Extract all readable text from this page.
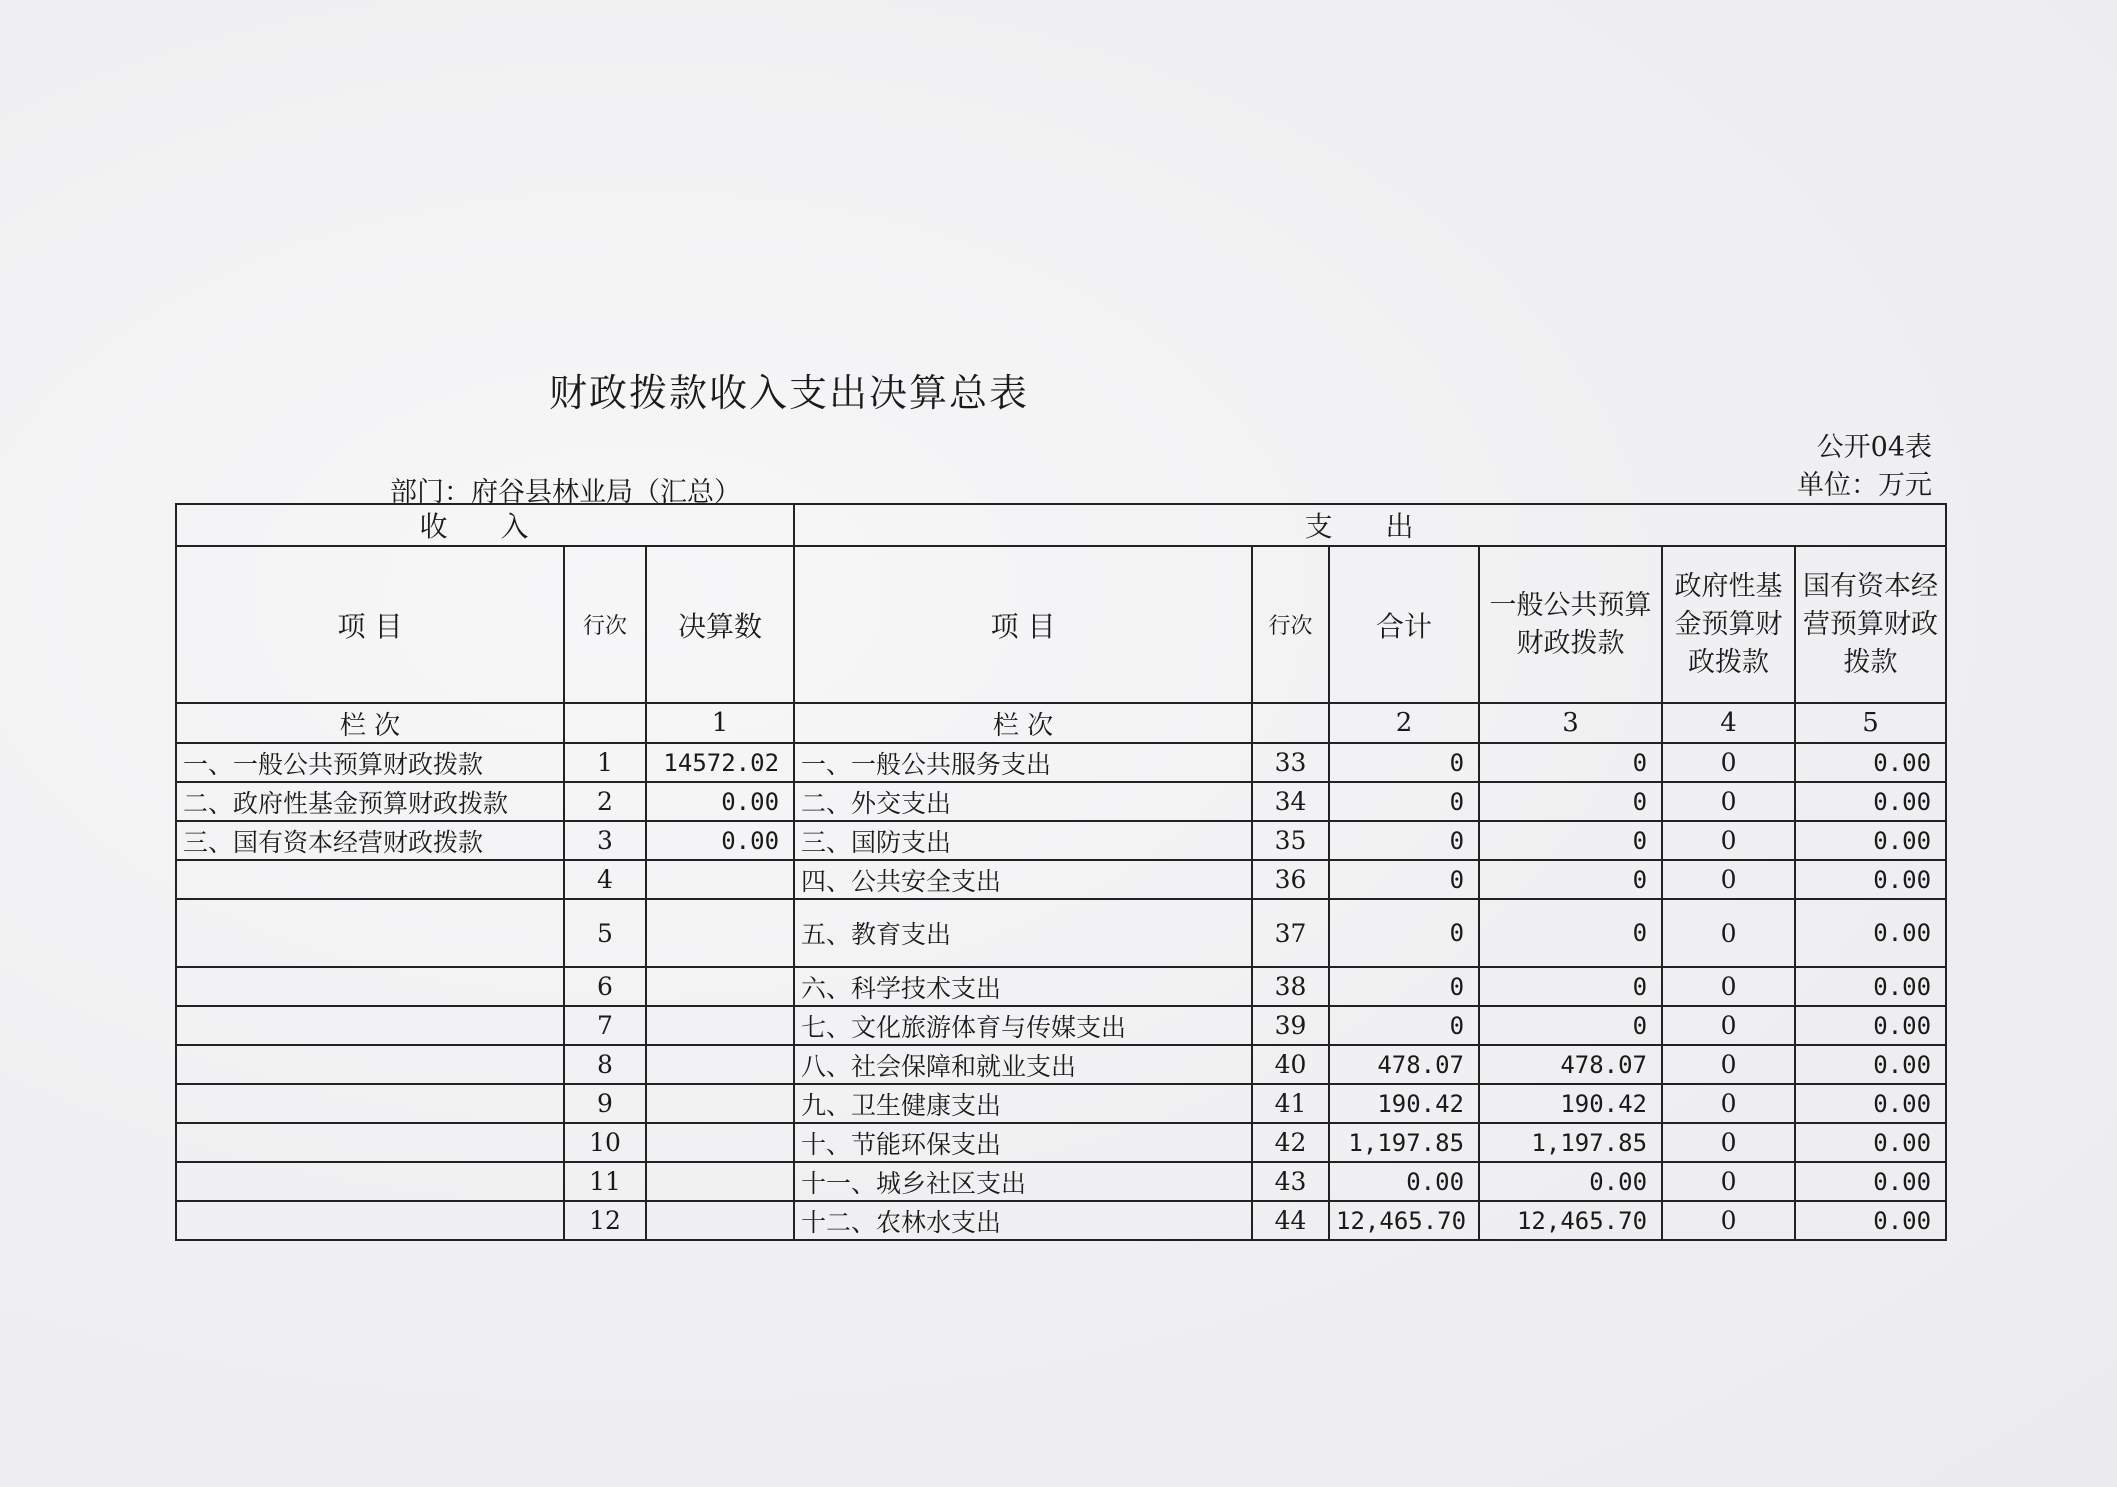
财政拨款收入支出决算总表
公开04表
单位：万元
部门：府谷县林业局（汇总）
收 入			支 出					
项 目	行次	决算数	项 目	行次	合计	一般公共预算财政拨款	政府性基金预算财政拨款	国有资本经营预算财政拨款
栏 次		1	栏 次		2	3	4	5
一、一般公共预算财政拨款	1	14572.02	一、一般公共服务支出	33	0	0	0	0.00
二、政府性基金预算财政拨款	2	0.00	二、外交支出	34	0	0	0	0.00
三、国有资本经营财政拨款	3	0.00	三、国防支出	35	0	0	0	0.00
	4		四、公共安全支出	36	0	0	0	0.00
	5		五、教育支出	37	0	0	0	0.00
	6		六、科学技术支出	38	0	0	0	0.00
	7		七、文化旅游体育与传媒支出	39	0	0	0	0.00
	8		八、社会保障和就业支出	40	478.07	478.07	0	0.00
	9		九、卫生健康支出	41	190.42	190.42	0	0.00
	10		十、节能环保支出	42	1,197.85	1,197.85	0	0.00
	11		十一、城乡社区支出	43	0.00	0.00	0	0.00
	12		十二、农林水支出	44	12,465.70	12,465.70	0	0.00
